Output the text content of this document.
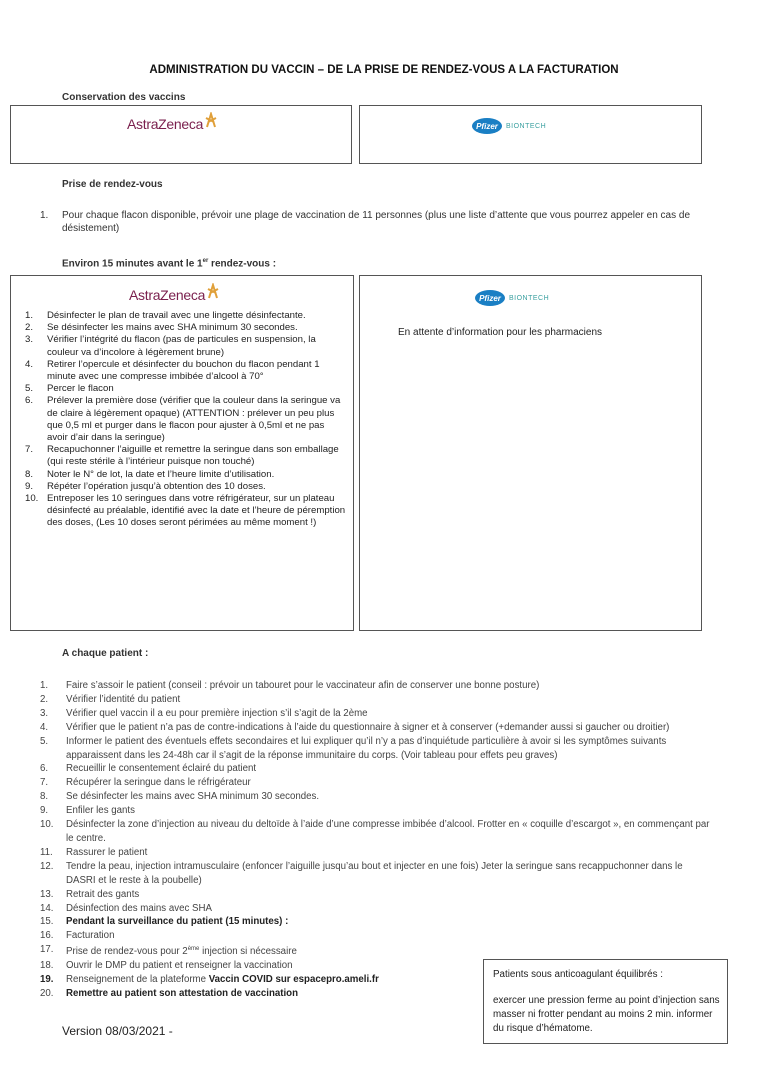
ADMINISTRATION DU VACCIN – DE LA PRISE DE RENDEZ-VOUS A LA FACTURATION
Conservation des vaccins
AstraZeneca	Pfizer	BIONTECH
Prise de rendez-vous
1. Pour chaque flacon disponible, prévoir une plage de vaccination de 11 personnes (plus une liste d’attente que vous pourrez appeler en cas de désistement)
Environ 15 minutes avant le 1er rendez-vous :
AstraZeneca
1. Désinfecter le plan de travail avec une lingette désinfectante.
2. Se désinfecter les mains avec SHA minimum 30 secondes.
3. Vérifier l’intégrité du flacon (pas de particules en suspension, la couleur va d’incolore à légèrement brune)
4. Retirer l’opercule et désinfecter du bouchon du flacon pendant 1 minute avec une compresse imbibée d’alcool à 70°
5. Percer le flacon
6. Prélever la première dose (vérifier que la couleur dans la seringue va de claire à légèrement opaque) (ATTENTION : prélever un peu plus que 0,5 ml et purger dans le flacon pour ajuster à 0,5ml et ne pas avoir d’air dans la seringue)
7. Recapuchonner l’aiguille et remettre la seringue dans son emballage (qui reste stérile à l’intérieur puisque non touché)
8. Noter le N° de lot, la date et l’heure limite d’utilisation.
9. Répéter l’opération jusqu’à obtention des 10 doses.
10. Entreposer les 10 seringues dans votre réfrigérateur, sur un plateau désinfecté au préalable, identifié avec la date et l’heure de péremption des doses, (Les 10 doses seront périmées au même moment !)
Pfizer	BIONTECH
En attente d’information pour les pharmaciens
A chaque patient :
1. Faire s’assoir le patient (conseil : prévoir un tabouret pour le vaccinateur afin de conserver une bonne posture)
2. Vérifier l’identité du patient
3. Vérifier quel vaccin il a eu pour première injection s’il s’agit de la 2ème
4. Vérifier que le patient n’a pas de contre-indications à l’aide du questionnaire à signer et à conserver (+demander aussi si gaucher ou droitier)
5. Informer le patient des éventuels effets secondaires et lui expliquer qu’il n’y a pas d’inquiétude particulière à avoir si les symptômes suivants apparaissent dans les 24-48h car il s’agit de la réponse immunitaire du corps. (Voir tableau pour effets peu graves)
6. Recueillir le consentement éclairé du patient
7. Récupérer la seringue dans le réfrigérateur
8. Se désinfecter les mains avec SHA minimum 30 secondes.
9. Enfiler les gants
10. Désinfecter la zone d’injection au niveau du deltoïde à l’aide d’une compresse imbibée d’alcool. Frotter en « coquille d’escargot », en commençant par le centre.
11. Rassurer le patient
12. Tendre la peau, injection intramusculaire (enfoncer l’aiguille jusqu’au bout et injecter en une fois) Jeter la seringue sans recappuchonner dans le DASRI et le reste à la poubelle)
13. Retrait des gants
14. Désinfection des mains avec SHA
15. Pendant la surveillance du patient (15 minutes) :
16. Facturation
17. Prise de rendez-vous pour 2ème injection si nécessaire
18. Ouvrir le DMP du patient et renseigner la vaccination
19. Renseignement de la plateforme Vaccin COVID sur espacepro.ameli.fr
20. Remettre au patient son attestation de vaccination
Patients sous anticoagulant équilibrés :
exercer une pression ferme au point d’injection sans masser ni frotter pendant au moins 2 min. informer du risque d’hématome.
Version 08/03/2021 -
